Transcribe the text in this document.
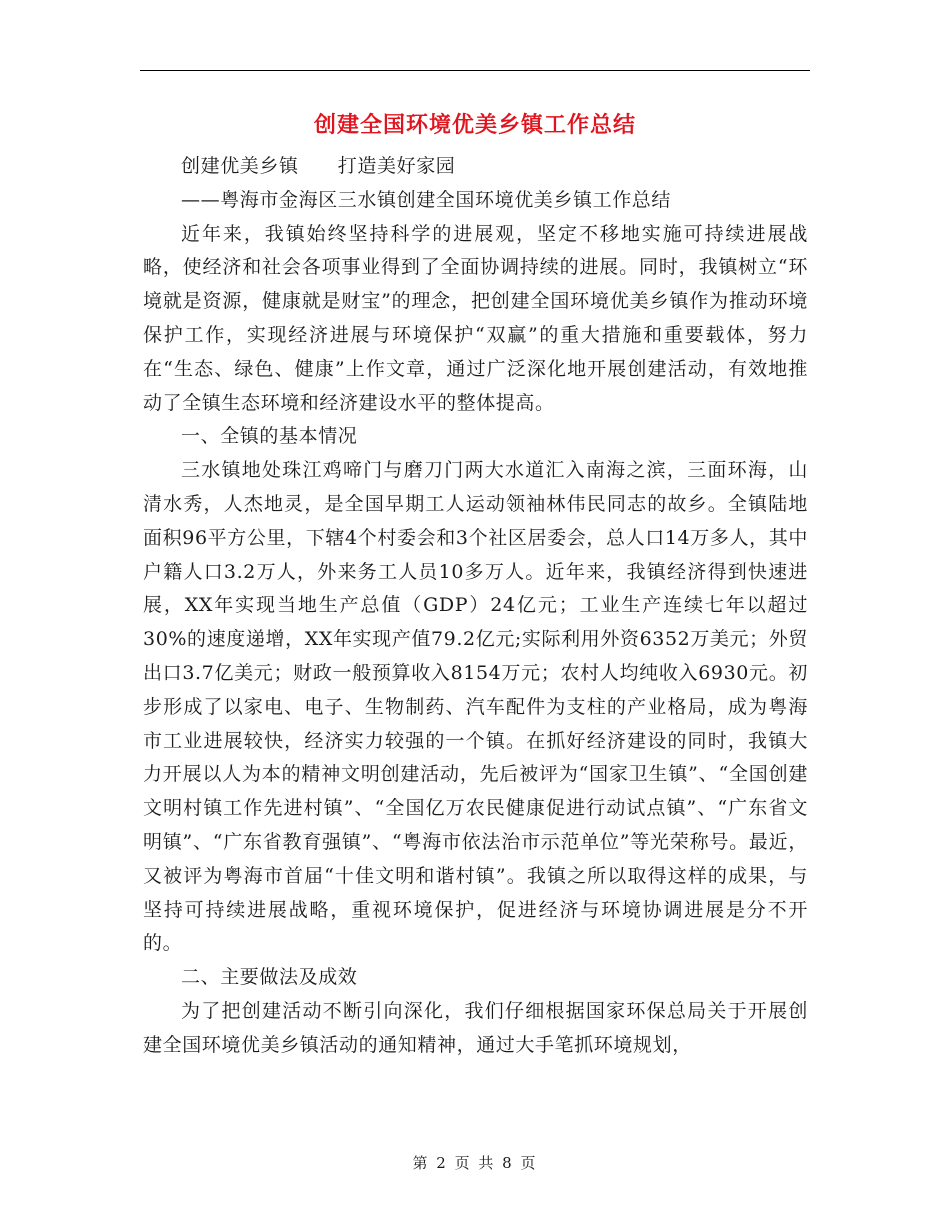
创建全国环境优美乡镇工作总结

创建优美乡镇　　打造美好家园

——粤海市金海区三水镇创建全国环境优美乡镇工作总结

近年来，我镇始终坚持科学的进展观，坚定不移地实施可持续进展战略，使经济和社会各项事业得到了全面协调持续的进展。同时，我镇树立“环境就是资源，健康就是财宝”的理念，把创建全国环境优美乡镇作为推动环境保护工作，实现经济进展与环境保护“双赢”的重大措施和重要载体，努力在“生态、绿色、健康”上作文章，通过广泛深化地开展创建活动，有效地推动了全镇生态环境和经济建设水平的整体提高。

一、全镇的基本情况

三水镇地处珠江鸡啼门与磨刀门两大水道汇入南海之滨，三面环海，山清水秀，人杰地灵，是全国早期工人运动领袖林伟民同志的故乡。全镇陆地面积96平方公里，下辖4个村委会和3个社区居委会，总人口14万多人，其中户籍人口3.2万人，外来务工人员10多万人。近年来，我镇经济得到快速进展，XX年实现当地生产总值（GDP）24亿元；工业生产连续七年以超过30%的速度递增，XX年实现产值79.2亿元;实际利用外资6352万美元；外贸出口3.7亿美元；财政一般预算收入8154万元；农村人均纯收入6930元。初步形成了以家电、电子、生物制药、汽车配件为支柱的产业格局，成为粤海市工业进展较快，经济实力较强的一个镇。在抓好经济建设的同时，我镇大力开展以人为本的精神文明创建活动，先后被评为“国家卫生镇”、“全国创建文明村镇工作先进村镇”、“全国亿万农民健康促进行动试点镇”、“广东省文明镇”、“广东省教育强镇”、“粤海市依法治市示范单位”等光荣称号。最近，又被评为粤海市首届“十佳文明和谐村镇”。我镇之所以取得这样的成果，与坚持可持续进展战略，重视环境保护，促进经济与环境协调进展是分不开的。

二、主要做法及成效

为了把创建活动不断引向深化，我们仔细根据国家环保总局关于开展创建全国环境优美乡镇活动的通知精神，通过大手笔抓环境规划，

第 2 页 共 8 页
